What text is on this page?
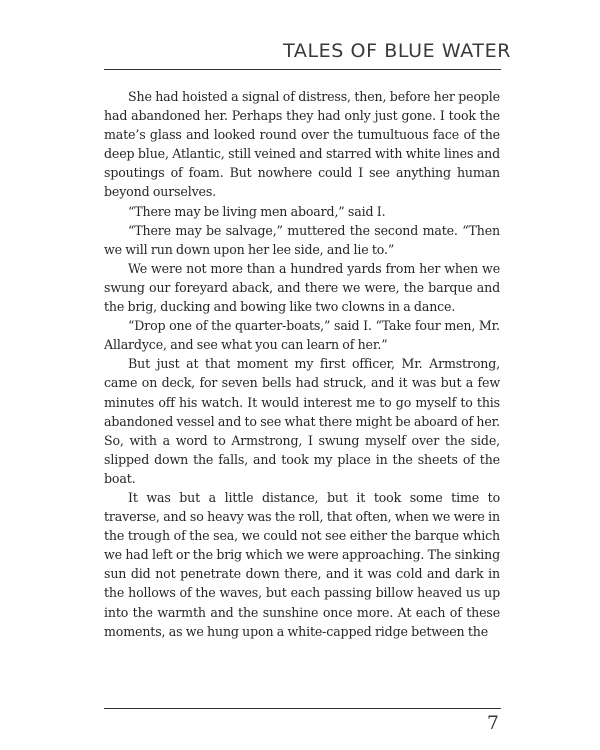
TALES OF BLUE WATER

She had hoisted a signal of distress, then, before her people had abandoned her. Perhaps they had only just gone. I took the mate’s glass and looked round over the tumultuous face of the deep blue, Atlantic, still veined and starred with white lines and spoutings of foam. But nowhere could I see anything human beyond ourselves.

“There may be living men aboard,” said I.

“There may be salvage,” muttered the second mate. “Then we will run down upon her lee side, and lie to.”

We were not more than a hundred yards from her when we swung our foreyard aback, and there we were, the barque and the brig, ducking and bowing like two clowns in a dance.

“Drop one of the quarter-boats,” said I. “Take four men, Mr. Allardyce, and see what you can learn of her.”

But just at that moment my first officer, Mr. Armstrong, came on deck, for seven bells had struck, and it was but a few minutes off his watch. It would interest me to go myself to this abandoned vessel and to see what there might be aboard of her. So, with a word to Armstrong, I swung myself over the side, slipped down the falls, and took my place in the sheets of the boat.

It was but a little distance, but it took some time to traverse, and so heavy was the roll, that often, when we were in the trough of the sea, we could not see either the barque which we had left or the brig which we were approaching. The sinking sun did not penetrate down there, and it was cold and dark in the hollows of the waves, but each passing billow heaved us up into the warmth and the sunshine once more. At each of these moments, as we hung upon a white-capped ridge between the

7
